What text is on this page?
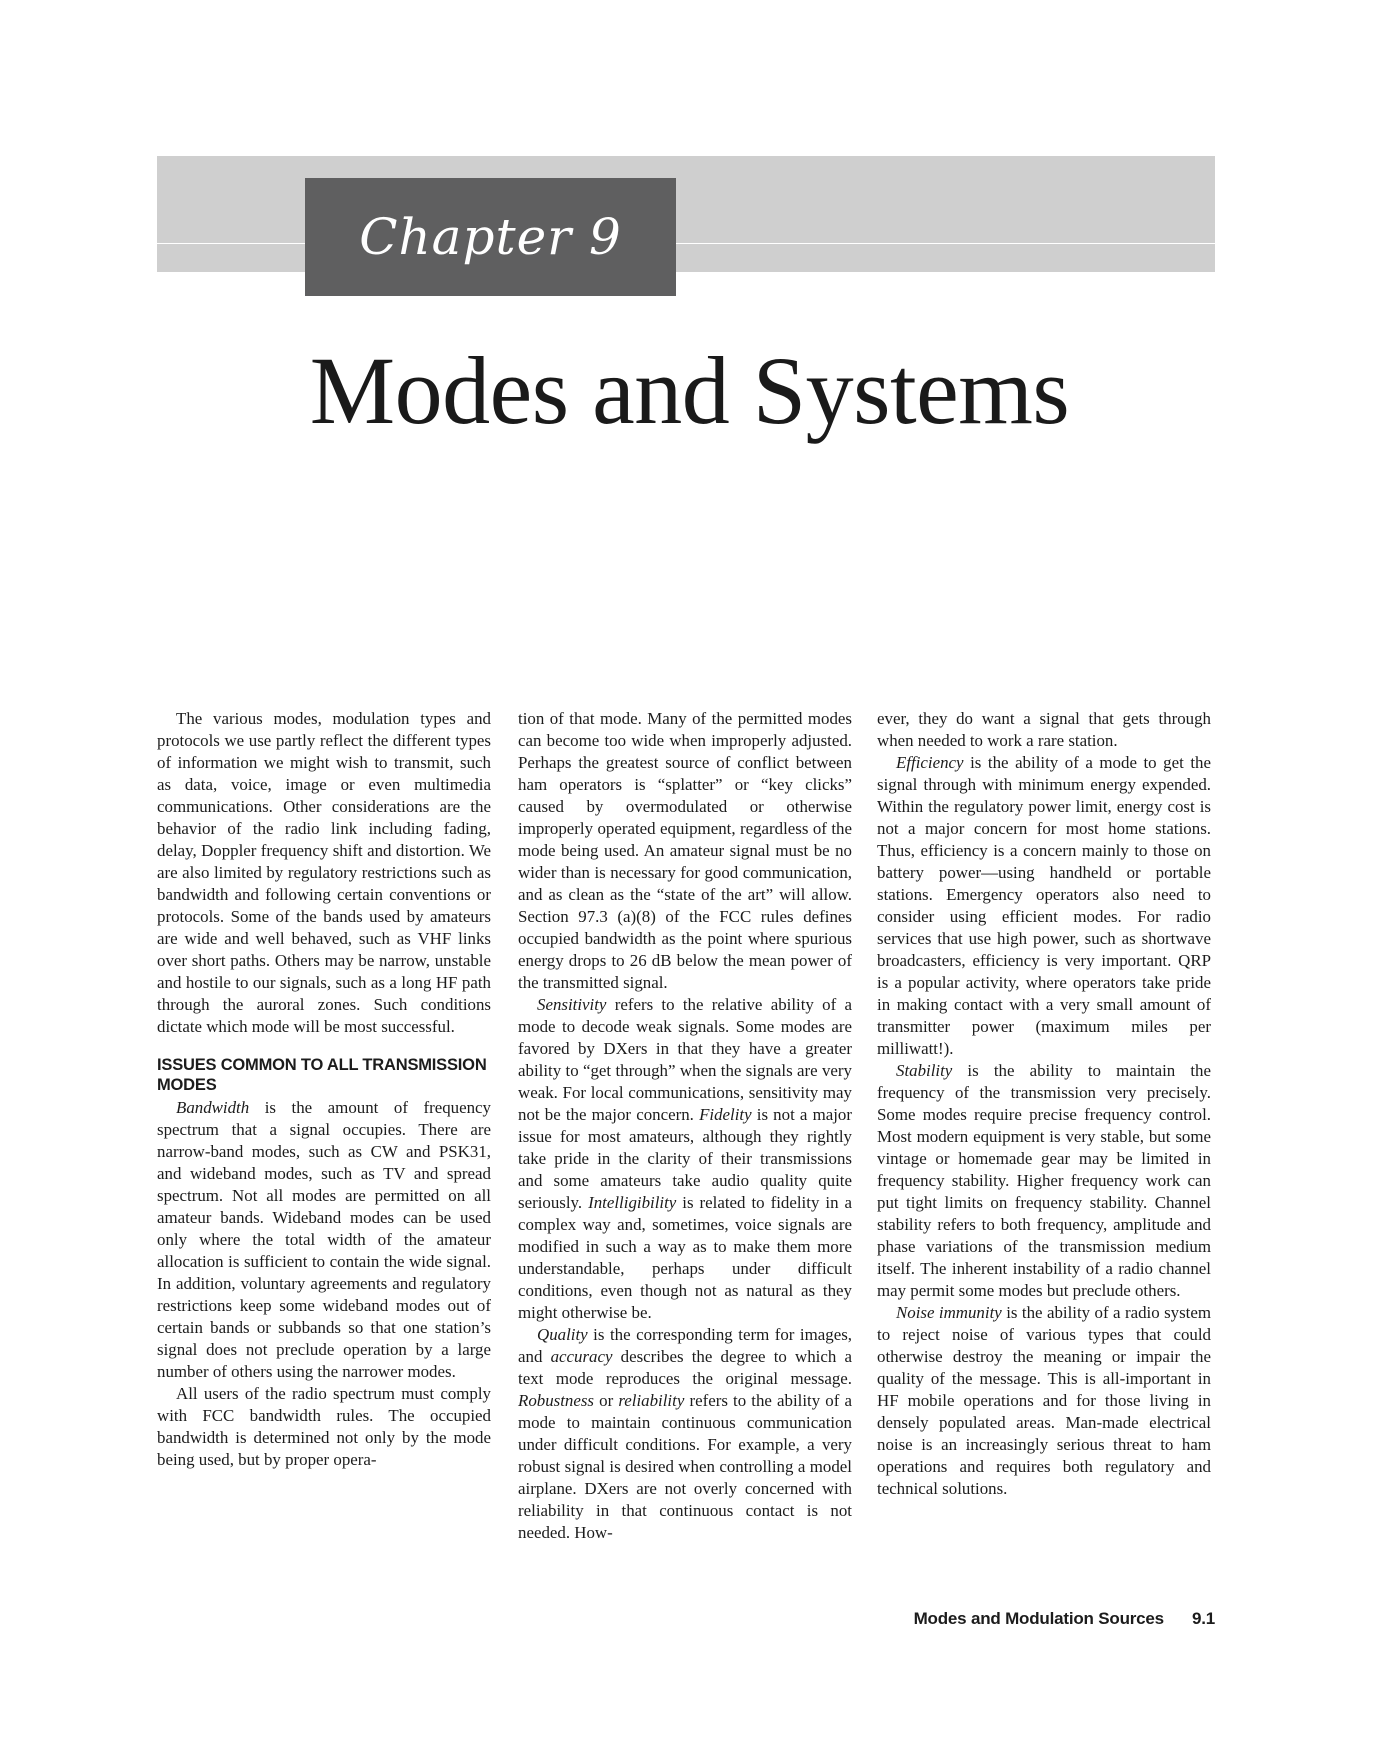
Chapter 9
Modes and Systems

The various modes, modulation types and protocols we use partly reflect the different types of information we might wish to transmit, such as data, voice, image or even multimedia communications. Other considerations are the behavior of the radio link including fading, delay, Doppler frequency shift and distortion. We are also limited by regulatory restrictions such as bandwidth and following certain conventions or protocols. Some of the bands used by amateurs are wide and well behaved, such as VHF links over short paths. Others may be narrow, unstable and hostile to our signals, such as a long HF path through the auroral zones. Such conditions dictate which mode will be most successful.

ISSUES COMMON TO ALL TRANSMISSION MODES

Bandwidth is the amount of frequency spectrum that a signal occupies. There are narrow-band modes, such as CW and PSK31, and wideband modes, such as TV and spread spectrum. Not all modes are permitted on all amateur bands. Wideband modes can be used only where the total width of the amateur allocation is sufficient to contain the wide signal. In addition, voluntary agreements and regulatory restrictions keep some wideband modes out of certain bands or subbands so that one station’s signal does not preclude operation by a large number of others using the narrower modes.

All users of the radio spectrum must comply with FCC bandwidth rules. The occupied bandwidth is determined not only by the mode being used, but by proper opera-

tion of that mode. Many of the permitted modes can become too wide when improperly adjusted. Perhaps the greatest source of conflict between ham operators is “splatter” or “key clicks” caused by overmodulated or otherwise improperly operated equipment, regardless of the mode being used. An amateur signal must be no wider than is necessary for good communication, and as clean as the “state of the art” will allow. Section 97.3 (a)(8) of the FCC rules defines occupied bandwidth as the point where spurious energy drops to 26 dB below the mean power of the transmitted signal.

Sensitivity refers to the relative ability of a mode to decode weak signals. Some modes are favored by DXers in that they have a greater ability to “get through” when the signals are very weak. For local communications, sensitivity may not be the major concern. Fidelity is not a major issue for most amateurs, although they rightly take pride in the clarity of their transmissions and some amateurs take audio quality quite seriously. Intelligibility is related to fidelity in a complex way and, sometimes, voice signals are modified in such a way as to make them more understandable, perhaps under difficult conditions, even though not as natural as they might otherwise be.

Quality is the corresponding term for images, and accuracy describes the degree to which a text mode reproduces the original message. Robustness or reliability refers to the ability of a mode to maintain continuous communication under difficult conditions. For example, a very robust signal is desired when controlling a model airplane. DXers are not overly concerned with reliability in that continuous contact is not needed. How-

ever, they do want a signal that gets through when needed to work a rare station.

Efficiency is the ability of a mode to get the signal through with minimum energy expended. Within the regulatory power limit, energy cost is not a major concern for most home stations. Thus, efficiency is a concern mainly to those on battery power—using handheld or portable stations. Emergency operators also need to consider using efficient modes. For radio services that use high power, such as shortwave broadcasters, efficiency is very important. QRP is a popular activity, where operators take pride in making contact with a very small amount of transmitter power (maximum miles per milliwatt!).

Stability is the ability to maintain the frequency of the transmission very precisely. Some modes require precise frequency control. Most modern equipment is very stable, but some vintage or homemade gear may be limited in frequency stability. Higher frequency work can put tight limits on frequency stability. Channel stability refers to both frequency, amplitude and phase variations of the transmission medium itself. The inherent instability of a radio channel may permit some modes but preclude others.

Noise immunity is the ability of a radio system to reject noise of various types that could otherwise destroy the meaning or impair the quality of the message. This is all-important in HF mobile operations and for those living in densely populated areas. Man-made electrical noise is an increasingly serious threat to ham operations and requires both regulatory and technical solutions.

Modes and Modulation Sources 9.1
